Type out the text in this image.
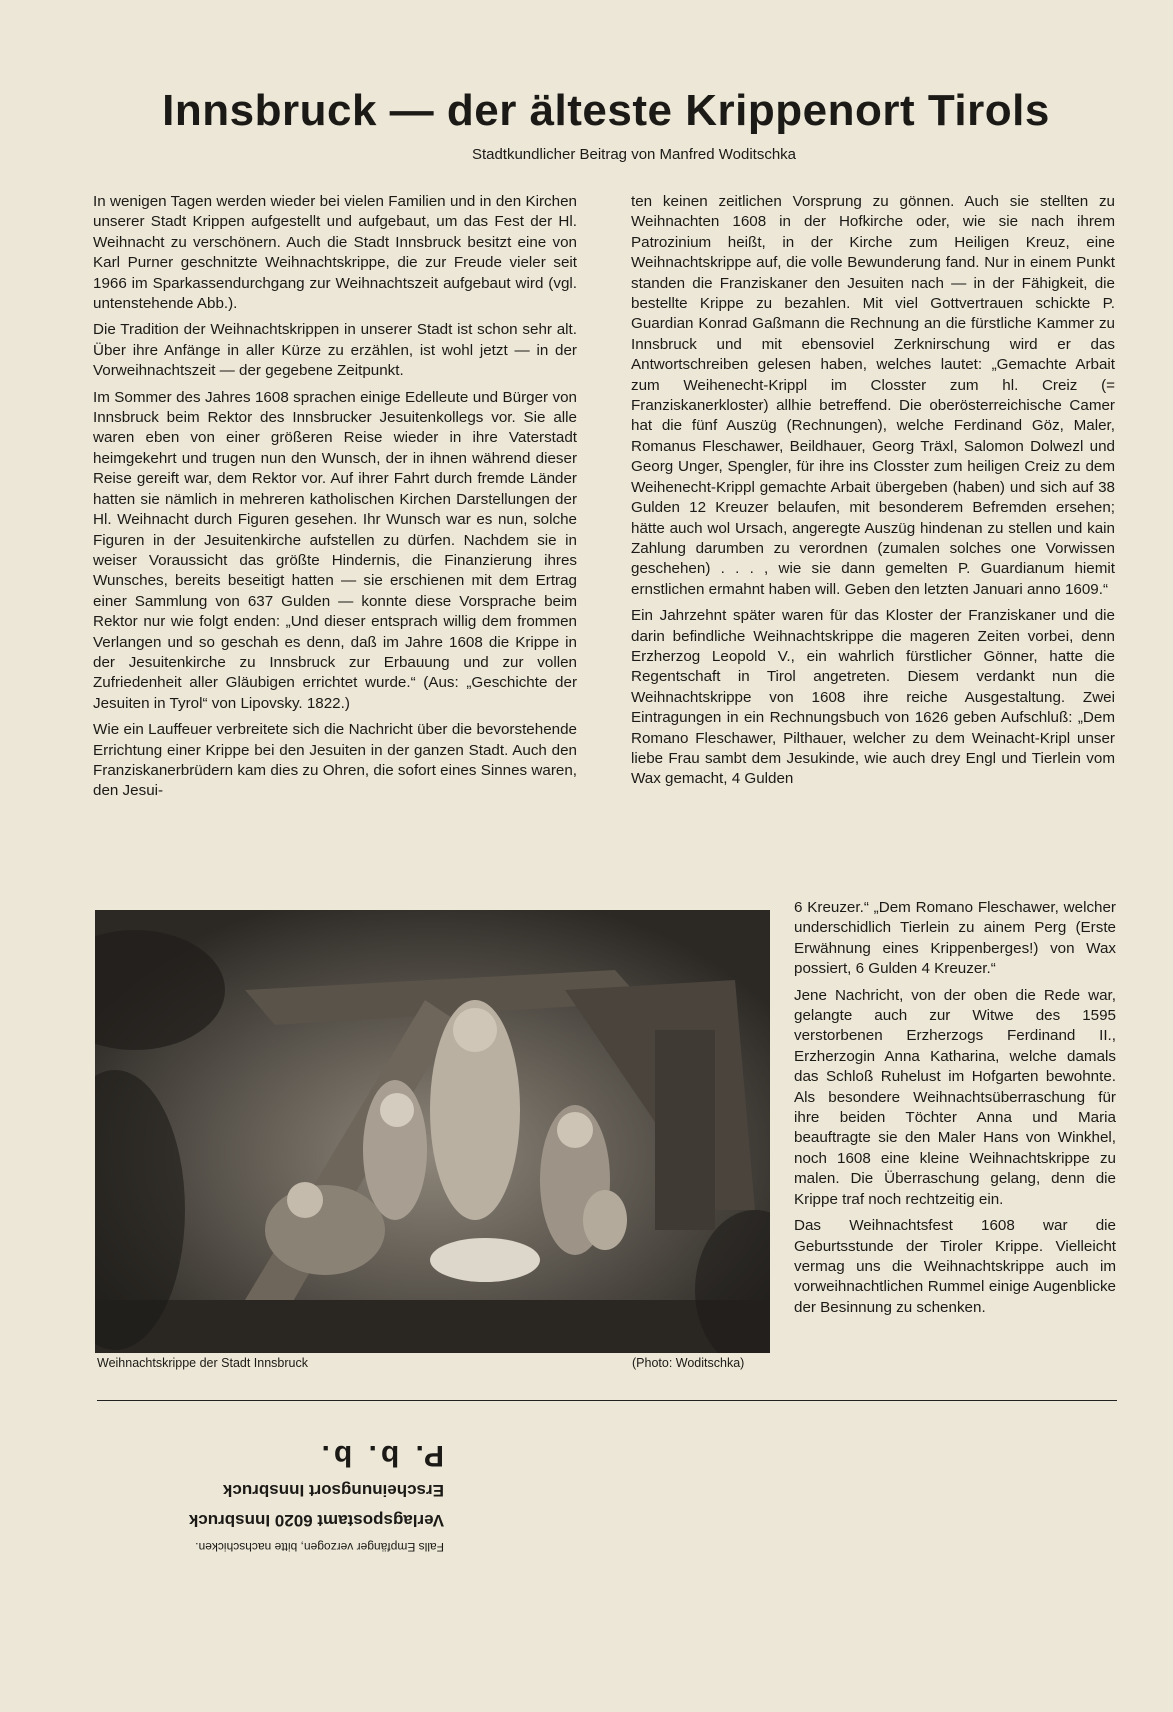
Innsbruck — der älteste Krippenort Tirols
Stadtkundlicher Beitrag von Manfred Woditschka

In wenigen Tagen werden wieder bei vielen Familien und in den Kirchen unserer Stadt Krippen aufgestellt und aufgebaut, um das Fest der Hl. Weihnacht zu verschönern. Auch die Stadt Innsbruck besitzt eine von Karl Purner geschnitzte Weihnachtskrippe, die zur Freude vieler seit 1966 im Sparkassendurchgang zur Weihnachtszeit aufgebaut wird (vgl. untenstehende Abb.).

Die Tradition der Weihnachtskrippen in unserer Stadt ist schon sehr alt. Über ihre Anfänge in aller Kürze zu erzählen, ist wohl jetzt — in der Vorweihnachtszeit — der gegebene Zeitpunkt.

Im Sommer des Jahres 1608 sprachen einige Edelleute und Bürger von Innsbruck beim Rektor des Innsbrucker Jesuitenkollegs vor. Sie alle waren eben von einer größeren Reise wieder in ihre Vaterstadt heimgekehrt und trugen nun den Wunsch, der in ihnen während dieser Reise gereift war, dem Rektor vor. Auf ihrer Fahrt durch fremde Länder hatten sie nämlich in mehreren katholischen Kirchen Darstellungen der Hl. Weihnacht durch Figuren gesehen. Ihr Wunsch war es nun, solche Figuren in der Jesuitenkirche aufstellen zu dürfen. Nachdem sie in weiser Voraussicht das größte Hindernis, die Finanzierung ihres Wunsches, bereits beseitigt hatten — sie erschienen mit dem Ertrag einer Sammlung von 637 Gulden — konnte diese Vorsprache beim Rektor nur wie folgt enden: „Und dieser entsprach willig dem frommen Verlangen und so geschah es denn, daß im Jahre 1608 die Krippe in der Jesuitenkirche zu Innsbruck zur Erbauung und zur vollen Zufriedenheit aller Gläubigen errichtet wurde.“ (Aus: „Geschichte der Jesuiten in Tyrol“ von Lipovsky. 1822.)

Wie ein Lauffeuer verbreitete sich die Nachricht über die bevorstehende Errichtung einer Krippe bei den Jesuiten in der ganzen Stadt. Auch den Franziskanerbrüdern kam dies zu Ohren, die sofort eines Sinnes waren, den Jesui-

ten keinen zeitlichen Vorsprung zu gönnen. Auch sie stellten zu Weihnachten 1608 in der Hofkirche oder, wie sie nach ihrem Patrozinium heißt, in der Kirche zum Heiligen Kreuz, eine Weihnachtskrippe auf, die volle Bewunderung fand. Nur in einem Punkt standen die Franziskaner den Jesuiten nach — in der Fähigkeit, die bestellte Krippe zu bezahlen. Mit viel Gottvertrauen schickte P. Guardian Konrad Gaßmann die Rechnung an die fürstliche Kammer zu Innsbruck und mit ebensoviel Zerknirschung wird er das Antwortschreiben gelesen haben, welches lautet: „Gemachte Arbait zum Weihenecht-Krippl im Closster zum hl. Creiz (= Franziskanerkloster) allhie betreffend. Die oberösterreichische Camer hat die fünf Auszüg (Rechnungen), welche Ferdinand Göz, Maler, Romanus Fleschawer, Beildhauer, Georg Träxl, Salomon Dolwezl und Georg Unger, Spengler, für ihre ins Closster zum heiligen Creiz zu dem Weihenecht-Krippl gemachte Arbait übergeben (haben) und sich auf 38 Gulden 12 Kreuzer belaufen, mit besonderem Befremden ersehen; hätte auch wol Ursach, angeregte Auszüg hindenan zu stellen und kain Zahlung darumben zu verordnen (zumalen solches one Vorwissen geschehen) . . . , wie sie dann gemelten P. Guardianum hiemit ernstlichen ermahnt haben will. Geben den letzten Januari anno 1609.“

Ein Jahrzehnt später waren für das Kloster der Franziskaner und die darin befindliche Weihnachtskrippe die mageren Zeiten vorbei, denn Erzherzog Leopold V., ein wahrlich fürstlicher Gönner, hatte die Regentschaft in Tirol angetreten. Diesem verdankt nun die Weihnachtskrippe von 1608 ihre reiche Ausgestaltung. Zwei Eintragungen in ein Rechnungsbuch von 1626 geben Aufschluß: „Dem Romano Fleschawer, Pilthauer, welcher zu dem Weinacht-Kripl unser liebe Frau sambt dem Jesukinde, wie auch drey Engl und Tierlein vom Wax gemacht, 4 Gulden

6 Kreuzer.“ „Dem Romano Fleschawer, welcher underschidlich Tierlein zu ainem Perg (Erste Erwähnung eines Krippenberges!) von Wax possiert, 6 Gulden 4 Kreuzer.“

Jene Nachricht, von der oben die Rede war, gelangte auch zur Witwe des 1595 verstorbenen Erzherzogs Ferdinand II., Erzherzogin Anna Katharina, welche damals das Schloß Ruhelust im Hofgarten bewohnte. Als besondere Weihnachtsüberraschung für ihre beiden Töchter Anna und Maria beauftragte sie den Maler Hans von Winkhel, noch 1608 eine kleine Weihnachtskrippe zu malen. Die Überraschung gelang, denn die Krippe traf noch rechtzeitig ein.

Das Weihnachtsfest 1608 war die Geburtsstunde der Tiroler Krippe. Vielleicht vermag uns die Weihnachtskrippe auch im vorweihnachtlichen Rummel einige Augenblicke der Besinnung zu schenken.

Weihnachtskrippe der Stadt Innsbruck	(Photo: Woditschka)
Falls Empfänger verzogen, bitte nachschicken.
Verlagspostamt 6020 Innsbruck
Erscheinungsort Innsbruck
P. b. b.
